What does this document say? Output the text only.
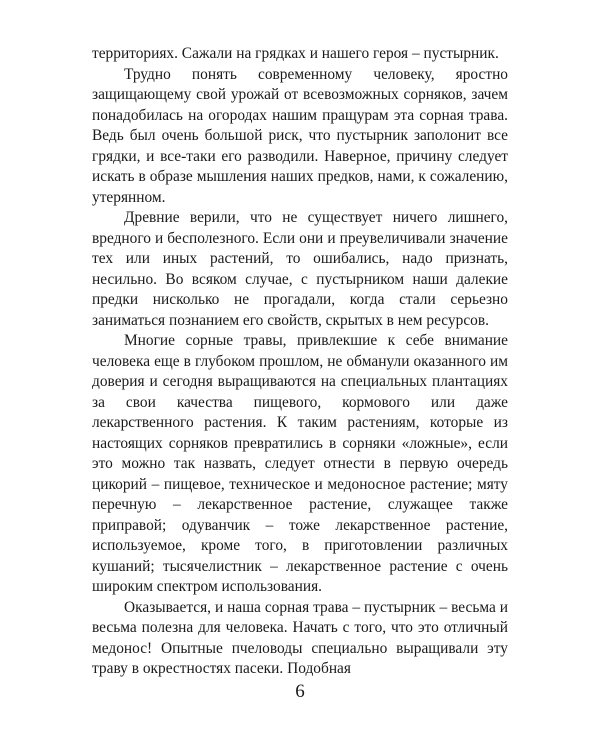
территориях. Сажали на грядках и нашего героя – пустырник.

Трудно понять современному человеку, яростно защищающему свой урожай от всевозможных сорняков, зачем понадобилась на огородах нашим пращурам эта сорная трава. Ведь был очень большой риск, что пустырник заполонит все грядки, и все-таки его разводили. Наверное, причину следует искать в образе мышления наших предков, нами, к сожалению, утерянном.

Древние верили, что не существует ничего лишнего, вредного и бесполезного. Если они и преувеличивали значение тех или иных растений, то ошибались, надо признать, несильно. Во всяком случае, с пустырником наши далекие предки нисколько не прогадали, когда стали серьезно заниматься познанием его свойств, скрытых в нем ресурсов.

Многие сорные травы, привлекшие к себе внимание человека еще в глубоком прошлом, не обманули оказанного им доверия и сегодня выращиваются на специальных плантациях за свои качества пищевого, кормового или даже лекарственного растения. К таким растениям, которые из настоящих сорняков превратились в сорняки «ложные», если это можно так назвать, следует отнести в первую очередь цикорий – пищевое, техническое и медоносное растение; мяту перечную – лекарственное растение, служащее также приправой; одуванчик – тоже лекарственное растение, используемое, кроме того, в приготовлении различных кушаний; тысячелистник – лекарственное растение с очень широким спектром использования.

Оказывается, и наша сорная трава – пустырник – весьма и весьма полезна для человека. Начать с того, что это отличный медонос! Опытные пчеловоды специально выращивали эту траву в окрестностях пасеки. Подобная

6
